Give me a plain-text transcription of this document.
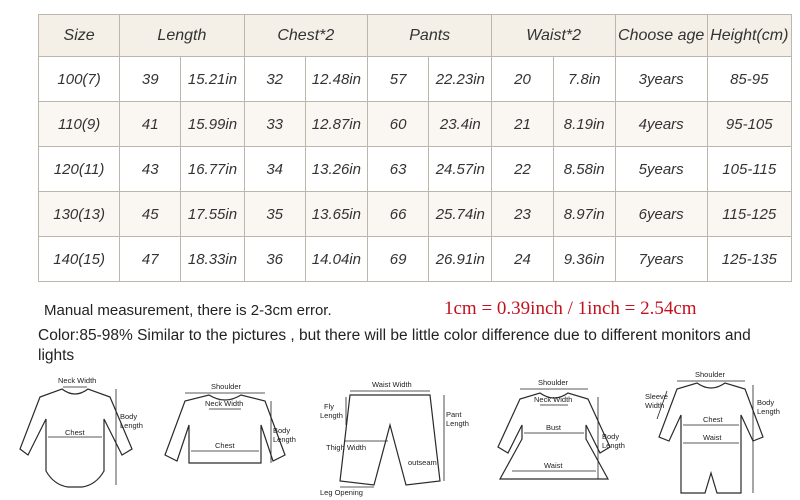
Size	Length		Chest*2		Pants		Waist*2		Choose age	Height(cm)
100(7)	39	15.21in	32	12.48in	57	22.23in	20	7.8in	3years	85-95
110(9)	41	15.99in	33	12.87in	60	23.4in	21	8.19in	4years	95-105
120(11)	43	16.77in	34	13.26in	63	24.57in	22	8.58in	5years	105-115
130(13)	45	17.55in	35	13.65in	66	25.74in	23	8.97in	6years	115-125
140(15)	47	18.33in	36	14.04in	69	26.91in	24	9.36in	7years	125-135
Manual measurement, there is 2-3cm error.	1cm = 0.39inch / 1inch = 2.54cm
Color:85-98% Similar to the pictures , but there will be little color difference due to different monitors and lights
Neck Width
Chest
Body
Length
Shoulder
Neck Width
Chest
Body
Length
Waist Width
Fly
Length	Pant
Length
Thigh Width
outseam
Leg Opening
Shoulder
Neck Width
Bust
Waist
Body
Length
Shoulder
Sleeve
Width
Chest
Waist
Body
Length
